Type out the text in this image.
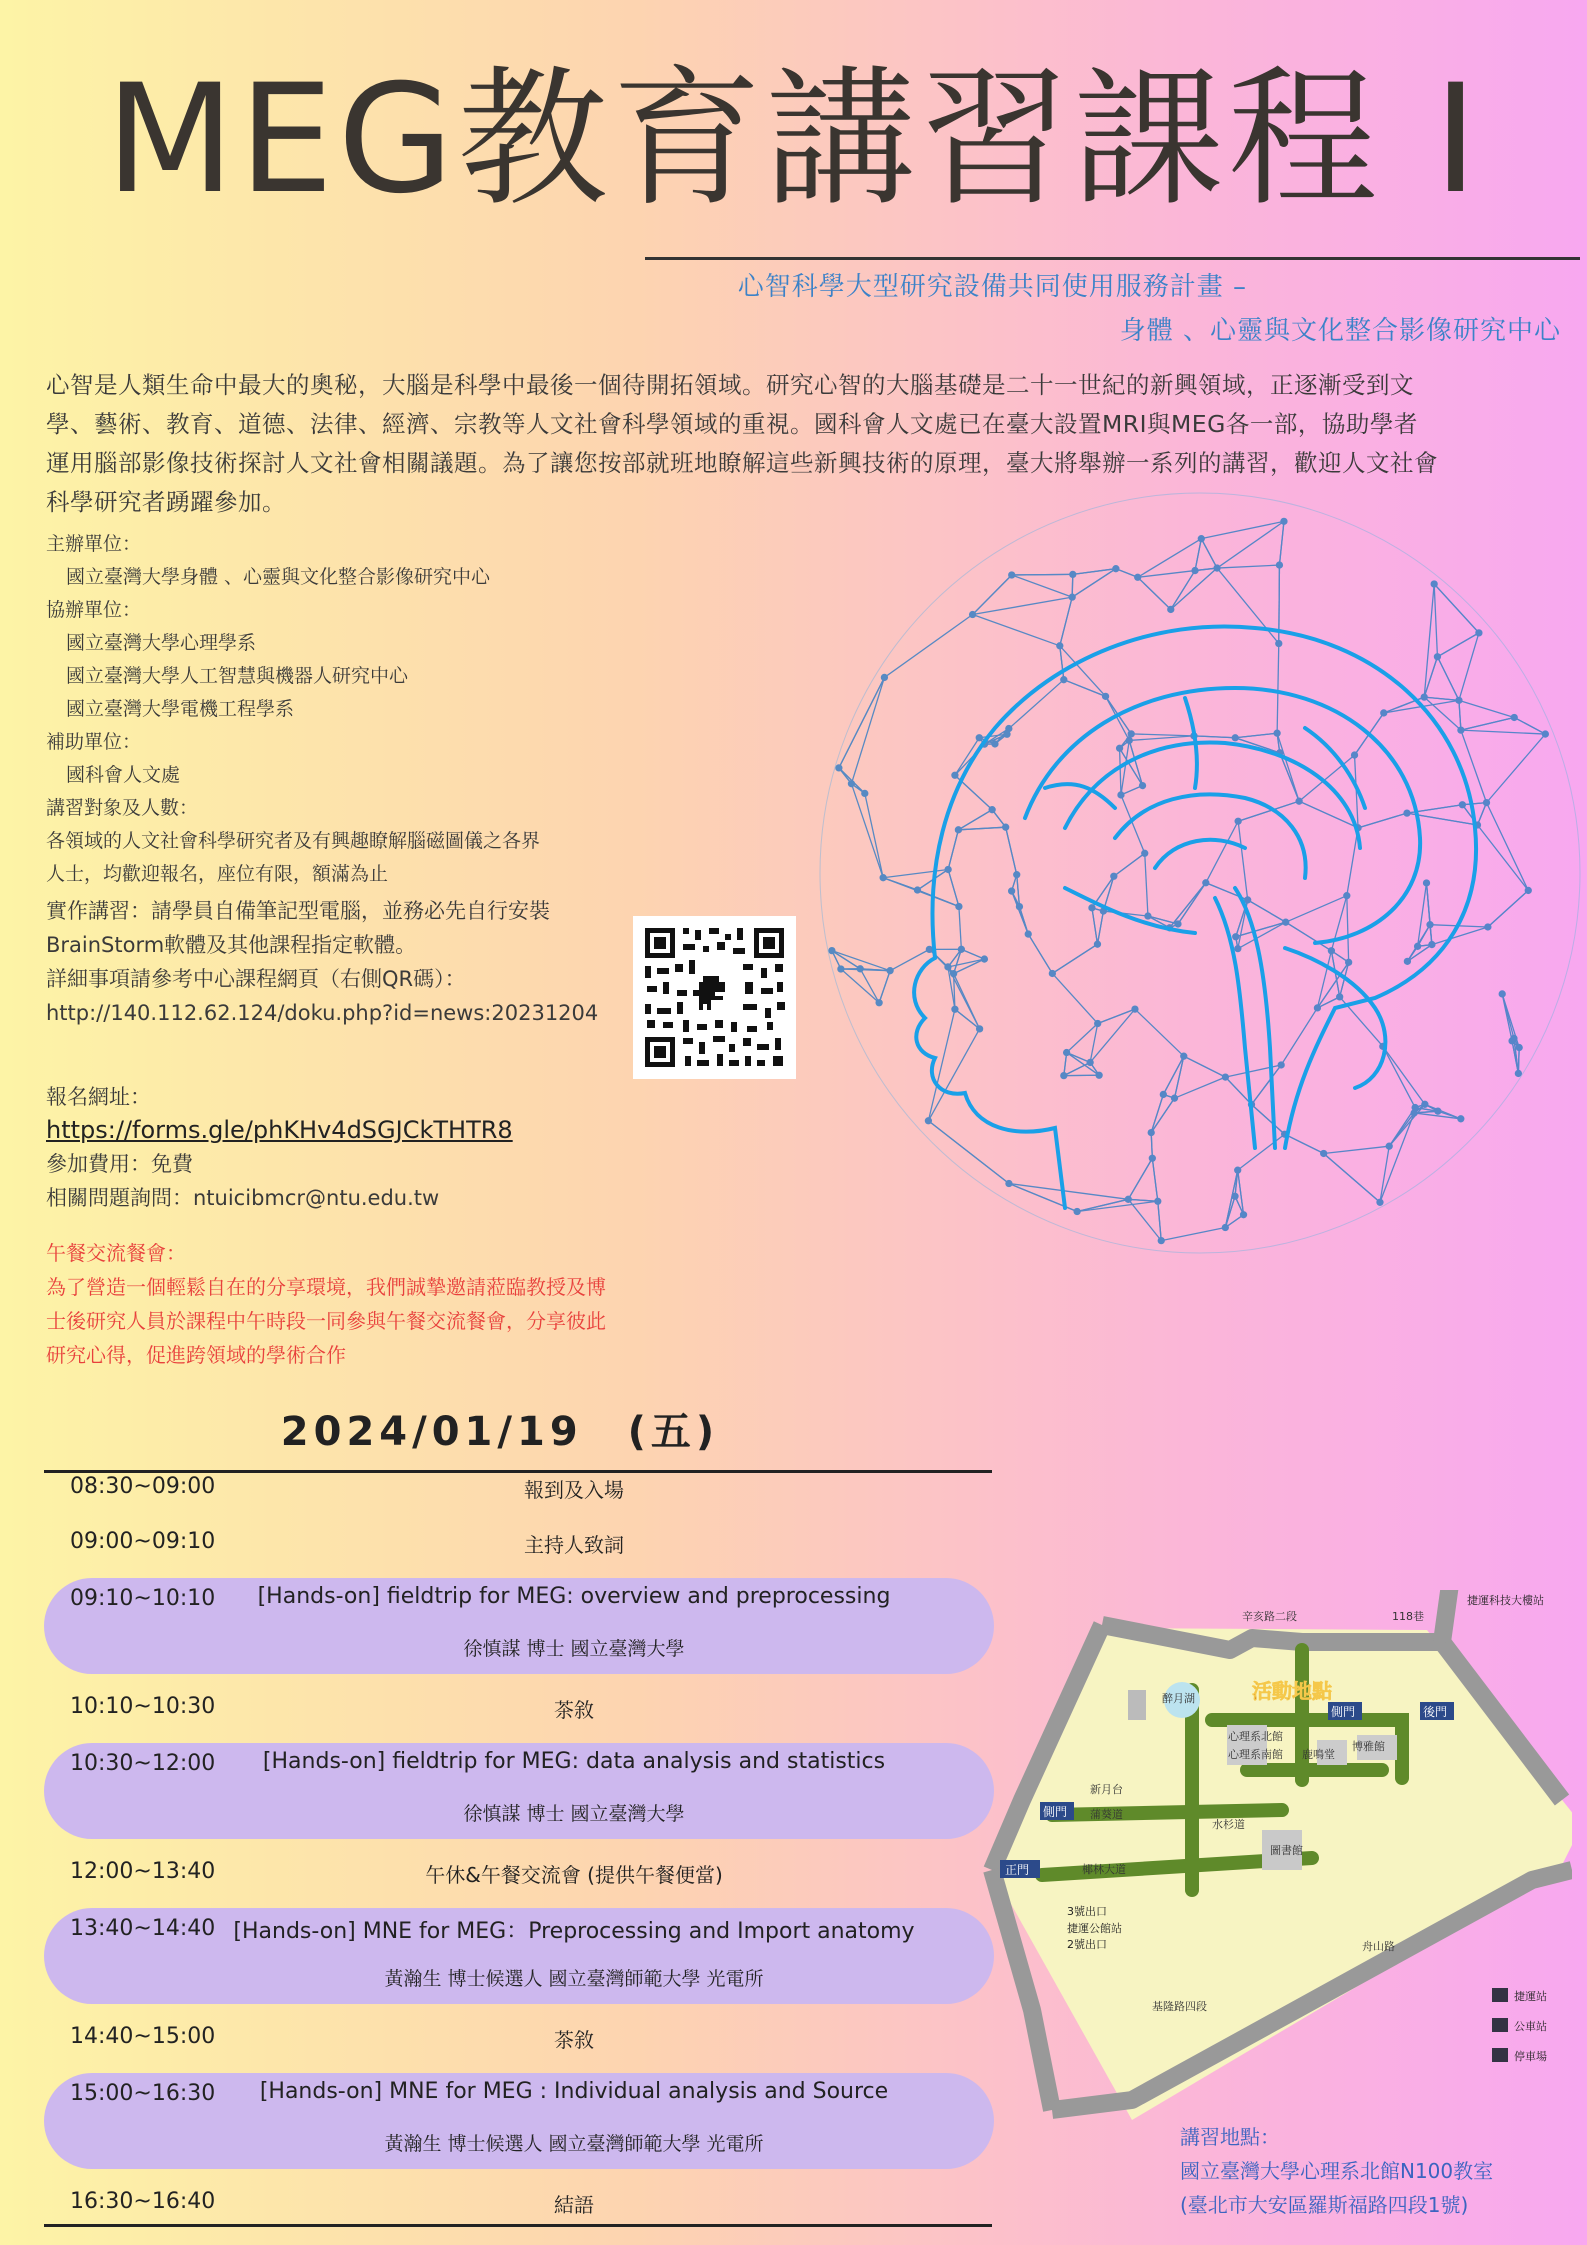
MEG教育講習課程 I
心智科學大型研究設備共同使用服務計畫 –
身體 、心靈與文化整合影像研究中心
心智是人類生命中最大的奧秘，大腦是科學中最後一個待開拓領域。研究心智的大腦基礎是二十一世紀的新興領域，正逐漸受到文
學、藝術、教育、道德、法律、經濟、宗教等人文社會科學領域的重視。國科會人文處已在臺大設置MRI與MEG各一部，協助學者
運用腦部影像技術探討人文社會相關議題。為了讓您按部就班地瞭解這些新興技術的原理，臺大將舉辦一系列的講習，歡迎人文社會
科學研究者踴躍參加。
主辦單位：
國立臺灣大學身體 、心靈與文化整合影像研究中心
協辦單位：
國立臺灣大學心理學系
國立臺灣大學人工智慧與機器人研究中心
國立臺灣大學電機工程學系
補助單位：
國科會人文處
講習對象及人數：
各領域的人文社會科學研究者及有興趣瞭解腦磁圖儀之各界
人士，均歡迎報名，座位有限，額滿為止
實作講習：請學員自備筆記型電腦，並務必先自行安裝
BrainStorm軟體及其他課程指定軟體。
詳細事項請參考中心課程網頁（右側QR碼）：
http://140.112.62.124/doku.php?id=news:20231204
報名網址：
https://forms.gle/phKHv4dSGJCkTHTR8
參加費用：免費
相關問題詢問：ntuicibmcr@ntu.edu.tw
午餐交流餐會：
為了營造一個輕鬆自在的分享環境，我們誠摯邀請蒞臨教授及博
士後研究人員於課程中午時段一同參與午餐交流餐會，分享彼此
研究心得，促進跨領域的學術合作
2024/01/19　(五)
08:30~09:00	報到及入場
09:00~09:10	主持人致詞
09:10~10:10	[Hands-on] fieldtrip for MEG: overview and preprocessing
徐慎謀 博士 國立臺灣大學
10:10~10:30	茶敘
10:30~12:00	[Hands-on] fieldtrip for MEG: data analysis and statistics
徐慎謀 博士 國立臺灣大學
12:00~13:40	午休&午餐交流會 (提供午餐便當)
13:40~14:40 [Hands-on] MNE for MEG：Preprocessing and Import anatomy
黃瀚生 博士候選人 國立臺灣師範大學 光電所
14:40~15:00	茶敘
15:00~16:30	[Hands-on] MNE for MEG : Individual analysis and Source
黃瀚生 博士候選人 國立臺灣師範大學 光電所
16:30~16:40	結語
醉月湖
圖書館
新月台
椰林大道
蒲葵道
水杉道
辛亥路二段	118巷
基隆路四段
舟山路
博雅館
心理系北館
心理系南館 鹿鳴堂
正門
側門	後門
側門
活動地點
3號出口
捷運公館站
2號出口
捷運科技大樓站
捷運站
公車站
停車場
講習地點：
國立臺灣大學心理系北館N100教室
(臺北市大安區羅斯福路四段1號)
